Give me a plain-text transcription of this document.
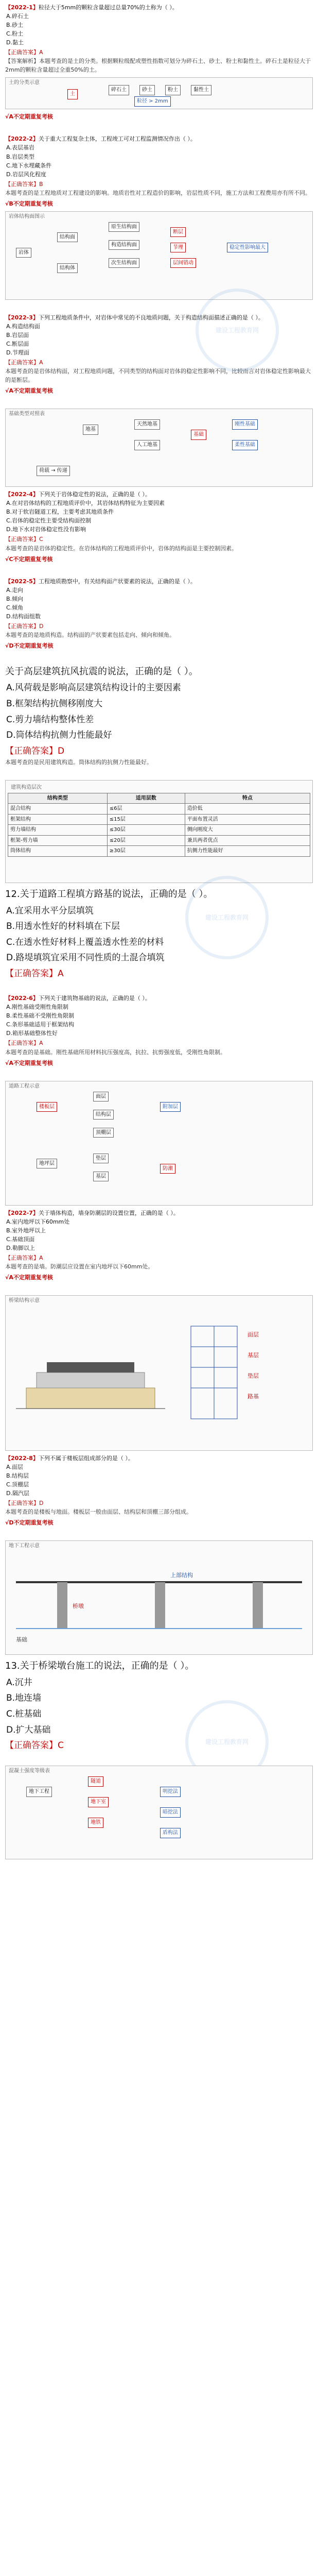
【2022-1】粒径大于5mm的颗粒含量超过总量70%的土称为（ ）。
A.碎石土
B.砂土
C.粉土
D.黏土
【正确答案】A
【答案解析】本题考查的是土的分类。根据颗粒级配或塑性指数可划分为碎石土、砂土、粉土和黏性土。碎石土是粒径大于2mm的颗粒含量超过全重50%的土。
土的分类示意
土
碎石土	砂土	粉土	黏性土
粒径 > 2mm
√A不定期重复考核
【2022-2】关于重大工程复杂土体，工程竣工可对工程监测情况作出（ ）。
A.表层基岩
B.岩层类型
C.地下水埋藏条件
D.岩层风化程度
【正确答案】B
本题考查的是工程地质对工程建设的影响。地质岩性对工程造价的影响，岩层性质不同，施工方法和工程费用亦有所不同。
√B不定期重复考核
岩体结构面图示
岩体
结构面
结构体
原生结构面
构造结构面
次生结构面
断层
节理
层间错动
稳定性影响最大
【2022-3】下列工程地质条件中，对岩体中常见的不良地质问题，关于构造结构面描述正确的是（ ）。
A.构造结构面
B.岩层面
C.断层面
D.节理面
【正确答案】A
本题考查的是岩体结构面，对工程地质问题，不同类型的结构面对岩体的稳定性影响不同，比较而言对岩体稳定性影响最大的是断层。
√A不定期重复考核
建设工程教育网
基础类型对照表
地基
天然地基
人工地基
基础
刚性基础
柔性基础
荷载 → 传递
【2022-4】下列关于岩体稳定性的说法，正确的是（ ）。
A.在对岩体结构的工程地质评价中，其岩体结构特征为主要因素
B.对于软岩隧道工程，主要考虑其地质条件
C.岩体的稳定性主要受结构面控制
D.地下水对岩体稳定性没有影响
【正确答案】C
本题考查的是岩体的稳定性。在岩体结构的工程地质评价中，岩体的结构面是主要控制因素。
√C不定期重复考核
【2022-5】工程地质勘察中，有关结构面产状要素的说法，正确的是（ ）。
A.走向
B.倾向
C.倾角
D.结构面组数
【正确答案】D
本题考查的是地质构造。结构面的产状要素包括走向、倾向和倾角。
√D不定期重复考核
关于高层建筑抗风抗震的说法，正确的是（ ）。
A.风荷载是影响高层建筑结构设计的主要因素
B.框架结构抗侧移刚度大
C.剪力墙结构整体性差
D.筒体结构抗侧力性能最好
【正确答案】D
本题考查的是民用建筑构造。筒体结构的抗侧力性能最好。
建筑构造层次
结构类型	适用层数	特点
混合结构	≤6层	造价低
框架结构	≤15层	平面布置灵活
剪力墙结构	≤30层	侧向刚度大
框架-剪力墙	≤20层	兼具两者优点
筒体结构	≥30层	抗侧力性能最好
建设工程教育网
12.关于道路工程填方路基的说法，正确的是（ ）。
A.宜采用水平分层填筑
B.用透水性好的材料填在下层
C.在透水性好材料上覆盖透水性差的材料
D.路堤填筑宜采用不同性质的土混合填筑
【正确答案】A
【2022-6】下列关于建筑物基础的说法，正确的是（ ）。
A.刚性基础受刚性角限制
B.柔性基础不受刚性角限制
C.条形基础适用于框架结构
D.箱形基础整体性好
【正确答案】A
本题考查的是基础。刚性基础所用材料抗压强度高，抗拉、抗剪强度低，受刚性角限制。
√A不定期重复考核
道路工程示意
楼板层
面层
结构层
顶棚层
附加层
地坪层
垫层
基层
防潮
【2022-7】关于墙体构造，墙身防潮层的设置位置，正确的是（ ）。
A.室内地坪以下60mm处
B.室外地坪以上
C.基础顶面
D.勒脚以上
【正确答案】A
本题考查的是墙。防潮层应设置在室内地坪以下60mm处。
√A不定期重复考核
桥梁结构示意
面层
基层
垫层
路基
建设工程教育网
【2022-8】下列不属于楼板层组成部分的是（ ）。
A.面层
B.结构层
C.顶棚层
D.隔汽层
【正确答案】D
本题考查的是楼板与地面。楼板层一般由面层、结构层和顶棚三部分组成。
√D不定期重复考核
地下工程示意
桥墩
上部结构
基础
13.关于桥梁墩台施工的说法，正确的是（ ）。
A.沉井
B.地连墙
C.桩基础
D.扩大基础
【正确答案】C
混凝土强度等级表
地下工程
隧道
地下室
地铁
明挖法
暗挖法
盾构法
